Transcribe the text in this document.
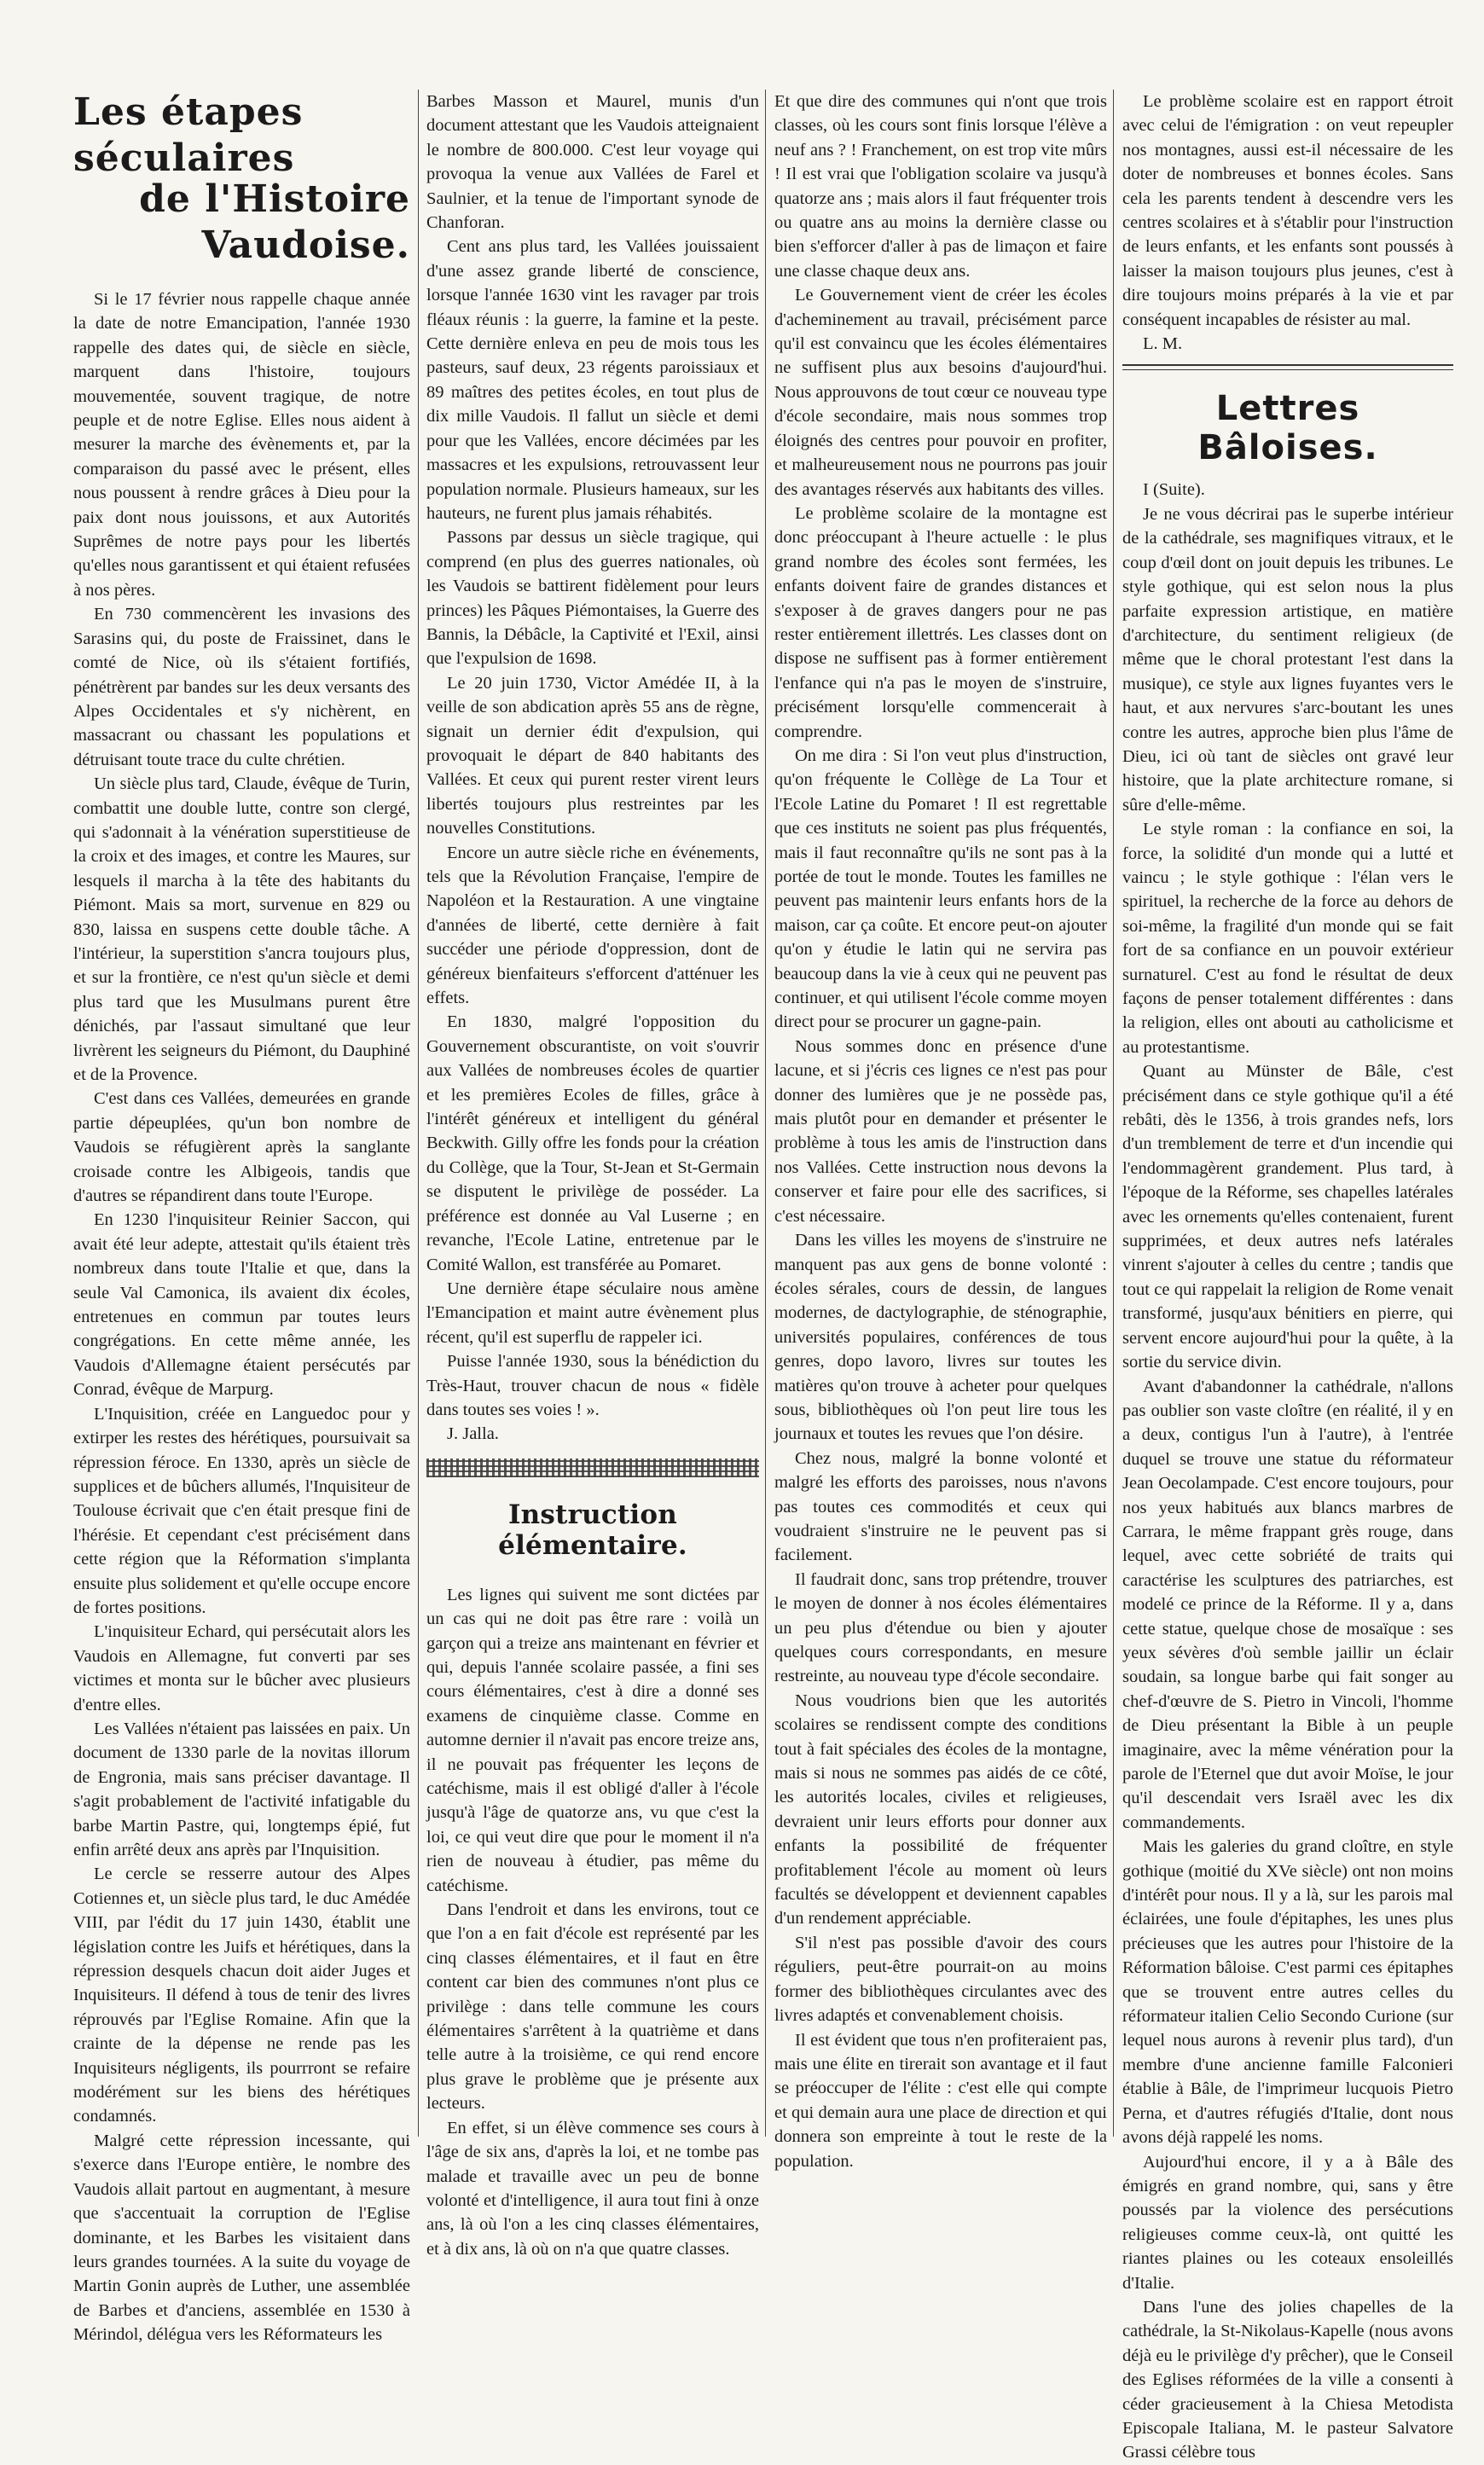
Les étapes séculaires
de l'Histoire Vaudoise.

Si le 17 février nous rappelle chaque année la date de notre Emancipation, l'année 1930 rappelle des dates qui, de siècle en siècle, marquent dans l'histoire, toujours mouvementée, souvent tragique, de notre peuple et de notre Eglise. Elles nous aident à mesurer la marche des évènements et, par la comparaison du passé avec le présent, elles nous poussent à rendre grâces à Dieu pour la paix dont nous jouissons, et aux Autorités Suprêmes de notre pays pour les libertés qu'elles nous garantissent et qui étaient refusées à nos pères.

En 730 commencèrent les invasions des Sarasins qui, du poste de Fraissinet, dans le comté de Nice, où ils s'étaient fortifiés, pénétrèrent par bandes sur les deux versants des Alpes Occidentales et s'y nichèrent, en massacrant ou chassant les populations et détruisant toute trace du culte chrétien.

Un siècle plus tard, Claude, évêque de Turin, combattit une double lutte, contre son clergé, qui s'adonnait à la vénération superstitieuse de la croix et des images, et contre les Maures, sur lesquels il marcha à la tête des habitants du Piémont. Mais sa mort, survenue en 829 ou 830, laissa en suspens cette double tâche. A l'intérieur, la superstition s'ancra toujours plus, et sur la frontière, ce n'est qu'un siècle et demi plus tard que les Musulmans purent être dénichés, par l'assaut simultané que leur livrèrent les seigneurs du Piémont, du Dauphiné et de la Provence.

C'est dans ces Vallées, demeurées en grande partie dépeuplées, qu'un bon nombre de Vaudois se réfugièrent après la sanglante croisade contre les Albigeois, tandis que d'autres se répandirent dans toute l'Europe.

En 1230 l'inquisiteur Reinier Saccon, qui avait été leur adepte, attestait qu'ils étaient très nombreux dans toute l'Italie et que, dans la seule Val Camonica, ils avaient dix écoles, entretenues en commun par toutes leurs congrégations. En cette même année, les Vaudois d'Allemagne étaient persécutés par Conrad, évêque de Marpurg.

L'Inquisition, créée en Languedoc pour y extirper les restes des hérétiques, poursuivait sa répression féroce. En 1330, après un siècle de supplices et de bûchers allumés, l'Inquisiteur de Toulouse écrivait que c'en était presque fini de l'hérésie. Et cependant c'est précisément dans cette région que la Réformation s'implanta ensuite plus solidement et qu'elle occupe encore de fortes positions.

L'inquisiteur Echard, qui persécutait alors les Vaudois en Allemagne, fut converti par ses victimes et monta sur le bûcher avec plusieurs d'entre elles.

Les Vallées n'étaient pas laissées en paix. Un document de 1330 parle de la novitas illorum de Engronia, mais sans préciser davantage. Il s'agit probablement de l'activité infatigable du barbe Martin Pastre, qui, longtemps épié, fut enfin arrêté deux ans après par l'Inquisition.

Le cercle se resserre autour des Alpes Cotiennes et, un siècle plus tard, le duc Amédée VIII, par l'édit du 17 juin 1430, établit une législation contre les Juifs et hérétiques, dans la répression desquels chacun doit aider Juges et Inquisiteurs. Il défend à tous de tenir des livres réprouvés par l'Eglise Romaine. Afin que la crainte de la dépense ne rende pas les Inquisiteurs négligents, ils pourrront se refaire modérément sur les biens des hérétiques condamnés.

Malgré cette répression incessante, qui s'exerce dans l'Europe entière, le nombre des Vaudois allait partout en augmentant, à mesure que s'accentuait la corruption de l'Eglise dominante, et les Barbes les visitaient dans leurs grandes tournées. A la suite du voyage de Martin Gonin auprès de Luther, une assemblée de Barbes et d'anciens, assemblée en 1530 à Mérindol, délégua vers les Réformateurs les

Barbes Masson et Maurel, munis d'un document attestant que les Vaudois atteignaient le nombre de 800.000. C'est leur voyage qui provoqua la venue aux Vallées de Farel et Saulnier, et la tenue de l'important synode de Chanforan.

Cent ans plus tard, les Vallées jouissaient d'une assez grande liberté de conscience, lorsque l'année 1630 vint les ravager par trois fléaux réunis : la guerre, la famine et la peste. Cette dernière enleva en peu de mois tous les pasteurs, sauf deux, 23 régents paroissiaux et 89 maîtres des petites écoles, en tout plus de dix mille Vaudois. Il fallut un siècle et demi pour que les Vallées, encore décimées par les massacres et les expulsions, retrouvassent leur population normale. Plusieurs hameaux, sur les hauteurs, ne furent plus jamais réhabités.

Passons par dessus un siècle tragique, qui comprend (en plus des guerres nationales, où les Vaudois se battirent fidèlement pour leurs princes) les Pâques Piémontaises, la Guerre des Bannis, la Débâcle, la Captivité et l'Exil, ainsi que l'expulsion de 1698.

Le 20 juin 1730, Victor Amédée II, à la veille de son abdication après 55 ans de règne, signait un dernier édit d'expulsion, qui provoquait le départ de 840 habitants des Vallées. Et ceux qui purent rester virent leurs libertés toujours plus restreintes par les nouvelles Constitutions.

Encore un autre siècle riche en événements, tels que la Révolution Française, l'empire de Napoléon et la Restauration. A une vingtaine d'années de liberté, cette dernière à fait succéder une période d'oppression, dont de généreux bienfaiteurs s'efforcent d'atténuer les effets.

En 1830, malgré l'opposition du Gouvernement obscurantiste, on voit s'ouvrir aux Vallées de nombreuses écoles de quartier et les premières Ecoles de filles, grâce à l'intérêt généreux et intelligent du général Beckwith. Gilly offre les fonds pour la création du Collège, que la Tour, St-Jean et St-Germain se disputent le privilège de posséder. La préférence est donnée au Val Luserne ; en revanche, l'Ecole Latine, entretenue par le Comité Wallon, est transférée au Pomaret.

Une dernière étape séculaire nous amène l'Emancipation et maint autre évènement plus récent, qu'il est superflu de rappeler ici.

Puisse l'année 1930, sous la bénédiction du Très-Haut, trouver chacun de nous « fidèle dans toutes ses voies ! ».

J. Jalla.

Instruction élémentaire.

Les lignes qui suivent me sont dictées par un cas qui ne doit pas être rare : voilà un garçon qui a treize ans maintenant en février et qui, depuis l'année scolaire passée, a fini ses cours élémentaires, c'est à dire a donné ses examens de cinquième classe. Comme en automne dernier il n'avait pas encore treize ans, il ne pouvait pas fréquenter les leçons de catéchisme, mais il est obligé d'aller à l'école jusqu'à l'âge de quatorze ans, vu que c'est la loi, ce qui veut dire que pour le moment il n'a rien de nouveau à étudier, pas même du catéchisme.

Dans l'endroit et dans les environs, tout ce que l'on a en fait d'école est représenté par les cinq classes élémentaires, et il faut en être content car bien des communes n'ont plus ce privilège : dans telle commune les cours élémentaires s'arrêtent à la quatrième et dans telle autre à la troisième, ce qui rend encore plus grave le problème que je présente aux lecteurs.

En effet, si un élève commence ses cours à l'âge de six ans, d'après la loi, et ne tombe pas malade et travaille avec un peu de bonne volonté et d'intelligence, il aura tout fini à onze ans, là où l'on a les cinq classes élémentaires, et à dix ans, là où on n'a que quatre classes.

Et que dire des communes qui n'ont que trois classes, où les cours sont finis lorsque l'élève a neuf ans ? ! Franchement, on est trop vite mûrs ! Il est vrai que l'obligation scolaire va jusqu'à quatorze ans ; mais alors il faut fréquenter trois ou quatre ans au moins la dernière classe ou bien s'efforcer d'aller à pas de limaçon et faire une classe chaque deux ans.

Le Gouvernement vient de créer les écoles d'acheminement au travail, précisément parce qu'il est convaincu que les écoles élémentaires ne suffisent plus aux besoins d'aujourd'hui. Nous approuvons de tout cœur ce nouveau type d'école secondaire, mais nous sommes trop éloignés des centres pour pouvoir en profiter, et malheureusement nous ne pourrons pas jouir des avantages réservés aux habitants des villes.

Le problème scolaire de la montagne est donc préoccupant à l'heure actuelle : le plus grand nombre des écoles sont fermées, les enfants doivent faire de grandes distances et s'exposer à de graves dangers pour ne pas rester entièrement illettrés. Les classes dont on dispose ne suffisent pas à former entièrement l'enfance qui n'a pas le moyen de s'instruire, précisément lorsqu'elle commencerait à comprendre.

On me dira : Si l'on veut plus d'instruction, qu'on fréquente le Collège de La Tour et l'Ecole Latine du Pomaret ! Il est regrettable que ces instituts ne soient pas plus fréquentés, mais il faut reconnaître qu'ils ne sont pas à la portée de tout le monde. Toutes les familles ne peuvent pas maintenir leurs enfants hors de la maison, car ça coûte. Et encore peut-on ajouter qu'on y étudie le latin qui ne servira pas beaucoup dans la vie à ceux qui ne peuvent pas continuer, et qui utilisent l'école comme moyen direct pour se procurer un gagne-pain.

Nous sommes donc en présence d'une lacune, et si j'écris ces lignes ce n'est pas pour donner des lumières que je ne possède pas, mais plutôt pour en demander et présenter le problème à tous les amis de l'instruction dans nos Vallées. Cette instruction nous devons la conserver et faire pour elle des sacrifices, si c'est nécessaire.

Dans les villes les moyens de s'instruire ne manquent pas aux gens de bonne volonté : écoles sérales, cours de dessin, de langues modernes, de dactylographie, de sténographie, universités populaires, conférences de tous genres, dopo lavoro, livres sur toutes les matières qu'on trouve à acheter pour quelques sous, bibliothèques où l'on peut lire tous les journaux et toutes les revues que l'on désire.

Chez nous, malgré la bonne volonté et malgré les efforts des paroisses, nous n'avons pas toutes ces commodités et ceux qui voudraient s'instruire ne le peuvent pas si facilement.

Il faudrait donc, sans trop prétendre, trouver le moyen de donner à nos écoles élémentaires un peu plus d'étendue ou bien y ajouter quelques cours correspondants, en mesure restreinte, au nouveau type d'école secondaire.

Nous voudrions bien que les autorités scolaires se rendissent compte des conditions tout à fait spéciales des écoles de la montagne, mais si nous ne sommes pas aidés de ce côté, les autorités locales, civiles et religieuses, devraient unir leurs efforts pour donner aux enfants la possibilité de fréquenter profitablement l'école au moment où leurs facultés se développent et deviennent capables d'un rendement appréciable.

S'il n'est pas possible d'avoir des cours réguliers, peut-être pourrait-on au moins former des bibliothèques circulantes avec des livres adaptés et convenablement choisis.

Il est évident que tous n'en profiteraient pas, mais une élite en tirerait son avantage et il faut se préoccuper de l'élite : c'est elle qui compte et qui demain aura une place de direction et qui donnera son empreinte à tout le reste de la population.

Le problème scolaire est en rapport étroit avec celui de l'émigration : on veut repeupler nos montagnes, aussi est-il nécessaire de les doter de nombreuses et bonnes écoles. Sans cela les parents tendent à descendre vers les centres scolaires et à s'établir pour l'instruction de leurs enfants, et les enfants sont poussés à laisser la maison toujours plus jeunes, c'est à dire toujours moins préparés à la vie et par conséquent incapables de résister au mal.

L. M.

Lettres Bâloises.

I (Suite).

Je ne vous décrirai pas le superbe intérieur de la cathédrale, ses magnifiques vitraux, et le coup d'œil dont on jouit depuis les tribunes. Le style gothique, qui est selon nous la plus parfaite expression artistique, en matière d'architecture, du sentiment religieux (de même que le choral protestant l'est dans la musique), ce style aux lignes fuyantes vers le haut, et aux nervures s'arc-boutant les unes contre les autres, approche bien plus l'âme de Dieu, ici où tant de siècles ont gravé leur histoire, que la plate architecture romane, si sûre d'elle-même.

Le style roman : la confiance en soi, la force, la solidité d'un monde qui a lutté et vaincu ; le style gothique : l'élan vers le spirituel, la recherche de la force au dehors de soi-même, la fragilité d'un monde qui se fait fort de sa confiance en un pouvoir extérieur surnaturel. C'est au fond le résultat de deux façons de penser totalement différentes : dans la religion, elles ont abouti au catholicisme et au protestantisme.

Quant au Münster de Bâle, c'est précisément dans ce style gothique qu'il a été rebâti, dès le 1356, à trois grandes nefs, lors d'un tremblement de terre et d'un incendie qui l'endommagèrent grandement. Plus tard, à l'époque de la Réforme, ses chapelles latérales avec les ornements qu'elles contenaient, furent supprimées, et deux autres nefs latérales vinrent s'ajouter à celles du centre ; tandis que tout ce qui rappelait la religion de Rome venait transformé, jusqu'aux bénitiers en pierre, qui servent encore aujourd'hui pour la quête, à la sortie du service divin.

Avant d'abandonner la cathédrale, n'allons pas oublier son vaste cloître (en réalité, il y en a deux, contigus l'un à l'autre), à l'entrée duquel se trouve une statue du réformateur Jean Oecolampade. C'est encore toujours, pour nos yeux habitués aux blancs marbres de Carrara, le même frappant grès rouge, dans lequel, avec cette sobriété de traits qui caractérise les sculptures des patriarches, est modelé ce prince de la Réforme. Il y a, dans cette statue, quelque chose de mosaïque : ses yeux sévères d'où semble jaillir un éclair soudain, sa longue barbe qui fait songer au chef-d'œuvre de S. Pietro in Vincoli, l'homme de Dieu présentant la Bible à un peuple imaginaire, avec la même vénération pour la parole de l'Eternel que dut avoir Moïse, le jour qu'il descendait vers Israël avec les dix commandements.

Mais les galeries du grand cloître, en style gothique (moitié du XVe siècle) ont non moins d'intérêt pour nous. Il y a là, sur les parois mal éclairées, une foule d'épitaphes, les unes plus précieuses que les autres pour l'histoire de la Réformation bâloise. C'est parmi ces épitaphes que se trouvent entre autres celles du réformateur italien Celio Secondo Curione (sur lequel nous aurons à revenir plus tard), d'un membre d'une ancienne famille Falconieri établie à Bâle, de l'imprimeur lucquois Pietro Perna, et d'autres réfugiés d'Italie, dont nous avons déjà rappelé les noms.

Aujourd'hui encore, il y a à Bâle des émigrés en grand nombre, qui, sans y être poussés par la violence des persécutions religieuses comme ceux-là, ont quitté les riantes plaines ou les coteaux ensoleillés d'Italie.

Dans l'une des jolies chapelles de la cathédrale, la St-Nikolaus-Kapelle (nous avons déjà eu le privilège d'y prêcher), que le Conseil des Eglises réformées de la ville a consenti à céder gracieusement à la Chiesa Metodista Episcopale Italiana, M. le pasteur Salvatore Grassi célèbre tous
